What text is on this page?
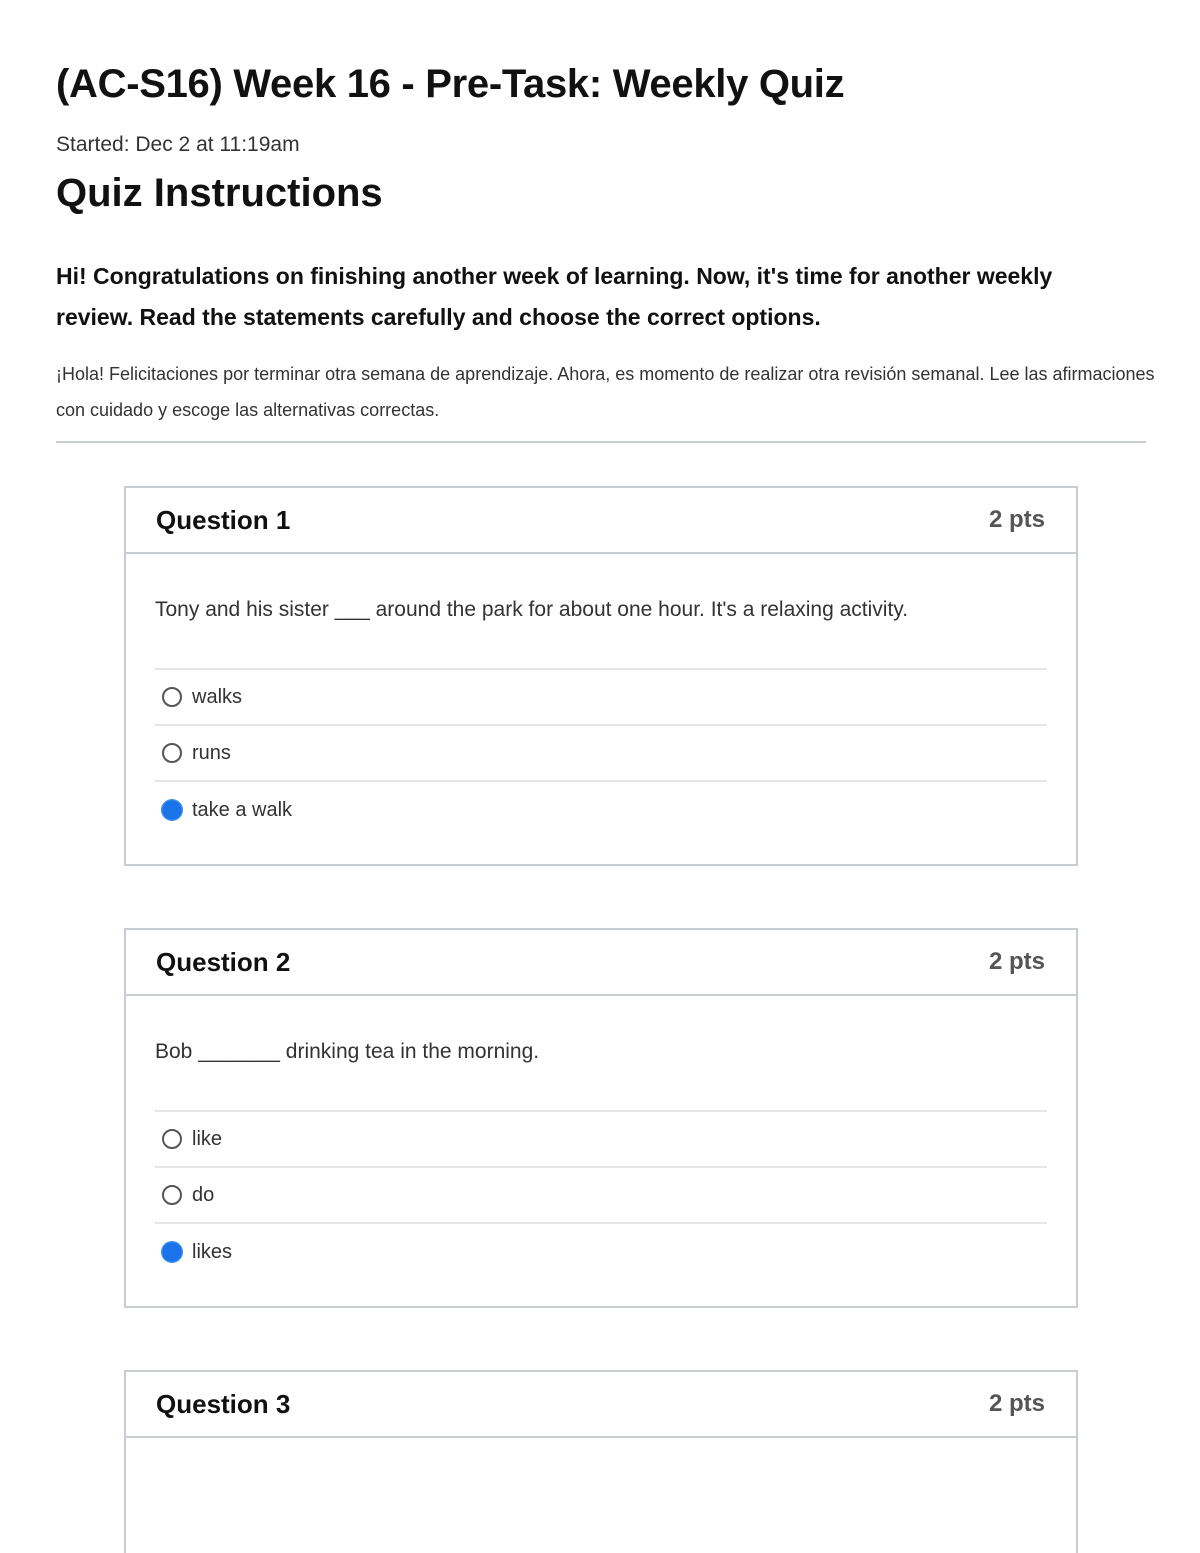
(AC-S16) Week 16 - Pre-Task: Weekly Quiz
Started: Dec 2 at 11:19am
Quiz Instructions

Hi! Congratulations on finishing another week of learning. Now, it's time for another weekly review. Read the statements carefully and choose the correct options.

¡Hola! Felicitaciones por terminar otra semana de aprendizaje. Ahora, es momento de realizar otra revisión semanal. Lee las afirmaciones con cuidado y escoge las alternativas correctas.

Question 1	2 pts
Tony and his sister ___ around the park for about one hour. It's a relaxing activity.
walks
runs
take a walk
Question 2	2 pts
Bob _______ drinking tea in the morning.
like
do
likes
Question 3	2 pts
